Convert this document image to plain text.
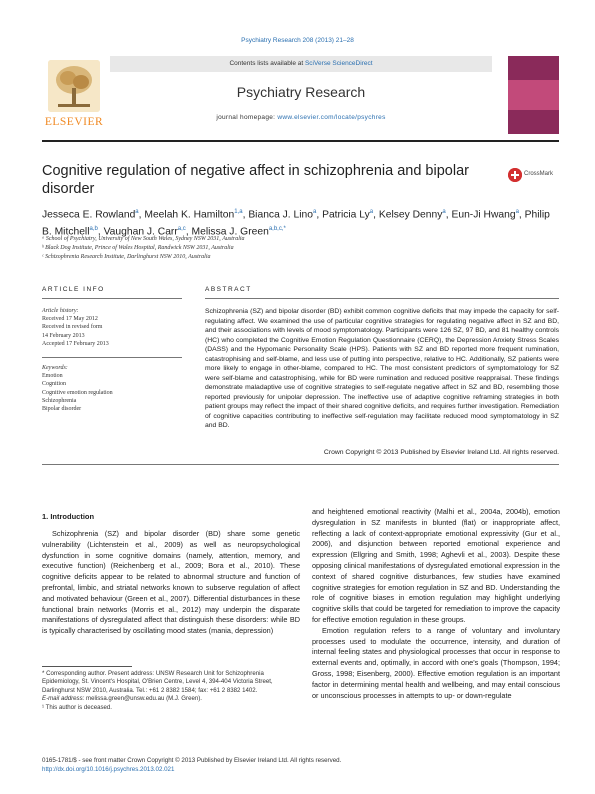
Psychiatry Research 208 (2013) 21–28
ELSEVIER
Contents lists available at SciVerse ScienceDirect
Psychiatry Research
journal homepage: www.elsevier.com/locate/psychres
Cognitive regulation of negative affect in schizophrenia and bipolar disorder
CrossMark
Jesseca E. Rowland$^a$, Meelah K. Hamilton$^{1,a}$, Bianca J. Lino$^a$, Patricia Ly$^a$, Kelsey Denny$^a$, Eun-Ji Hwang$^a$, Philip B. Mitchell$^{a,b}$, Vaughan J. Carr$^{a,c}$, Melissa J. Green$^{a,b,c,*}$
ᵃ School of Psychiatry, University of New South Wales, Sydney NSW 2031, Australia
ᵇ Black Dog Institute, Prince of Wales Hospital, Randwick NSW 2031, Australia
ᶜ Schizophrenia Research Institute, Darlinghurst NSW 2010, Australia
ARTICLE INFO	ABSTRACT
Article history:
Received 17 May 2012
Received in revised form
14 February 2013
Accepted 17 February 2013
Keywords:
Emotion
Cognition
Cognitive emotion regulation
Schizophrenia
Bipolar disorder
Schizophrenia (SZ) and bipolar disorder (BD) exhibit common cognitive deficits that may impede the capacity for self-regulating affect. We examined the use of particular cognitive strategies for regulating negative affect in SZ and BD, and their associations with levels of mood symptomatology. Participants were 126 SZ, 97 BD, and 81 healthy controls (HC) who completed the Cognitive Emotion Regulation Questionnaire (CERQ), the Depression Anxiety Stress Scales (DASS) and the Hypomanic Personality Scale (HPS). Patients with SZ and BD reported more frequent rumination, catastrophising and self-blame, and less use of putting into perspective, relative to HC. Additionally, SZ patients were more likely to engage in other-blame, compared to HC. The most consistent predictors of symptomatology for SZ were self-blame and catastrophising, while for BD were rumination and reduced positive reappraisal. These findings demonstrate maladaptive use of cognitive strategies to self-regulate negative affect in SZ and BD, resembling those reported previously for unipolar depression. The ineffective use of adaptive cognitive reframing strategies in both patient groups may reflect the impact of their shared cognitive deficits, and requires further investigation. Remediation of cognitive capacities contributing to ineffective self-regulation may facilitate reduced mood symptomatology in SZ and BD.
Crown Copyright © 2013 Published by Elsevier Ireland Ltd. All rights reserved.
1. Introduction

Schizophrenia (SZ) and bipolar disorder (BD) share some genetic vulnerability (Lichtenstein et al., 2009) as well as neuropsychological dysfunction in some cognitive domains (namely, attention, memory, and executive function) (Reichenberg et al., 2009; Bora et al., 2010). These cognitive deficits appear to be related to abnormal structure and function of prefrontal, limbic, and striatal networks known to subserve regulation of affect and motivated behaviour (Green et al., 2007). Differential disturbances in these functional brain networks (Morris et al., 2012) may underpin the disparate manifestations of dysregulated affect that distinguish these disorders: while BD is typically characterised by oscillating mood states (mania, depression)

and heightened emotional reactivity (Malhi et al., 2004a, 2004b), emotion dysregulation in SZ manifests in blunted (flat) or inappropriate affect, reflecting a lack of context-appropriate emotional expressivity (Gur et al., 2006), and disjunction between reported emotional experience and expression (Ellgring and Smith, 1998; Aghevli et al., 2003). Despite these opposing clinical manifestations of dysregulated emotional expression in the context of shared cognitive disturbances, few studies have examined cognitive strategies for emotion regulation in SZ and BD. Understanding the role of cognitive biases in emotion regulation may highlight underlying cognitive skills that could be targeted for remediation to improve the capacity for effective emotion regulation in these groups.

Emotion regulation refers to a range of voluntary and involuntary processes used to modulate the occurrence, intensity, and duration of internal feeling states and physiological processes that occur in response to external events and, optimally, in accord with one's goals (Thompson, 1994; Gross, 1998; Eisenberg, 2000). Effective emotion regulation is an important factor in determining mental health and wellbeing, and may entail conscious or unconscious processes in attempts to up- or down-regulate

* Corresponding author. Present address: UNSW Research Unit for Schizophrenia Epidemiology, St. Vincent's Hospital, O'Brien Centre, Level 4, 394-404 Victoria Street, Darlinghurst NSW 2010, Australia. Tel.: +61 2 8382 1584; fax: +61 2 8382 1402.
E-mail address: melissa.green@unsw.edu.au (M.J. Green).
¹ This author is deceased.
0165-1781/$ - see front matter Crown Copyright © 2013 Published by Elsevier Ireland Ltd. All rights reserved.
http://dx.doi.org/10.1016/j.psychres.2013.02.021
